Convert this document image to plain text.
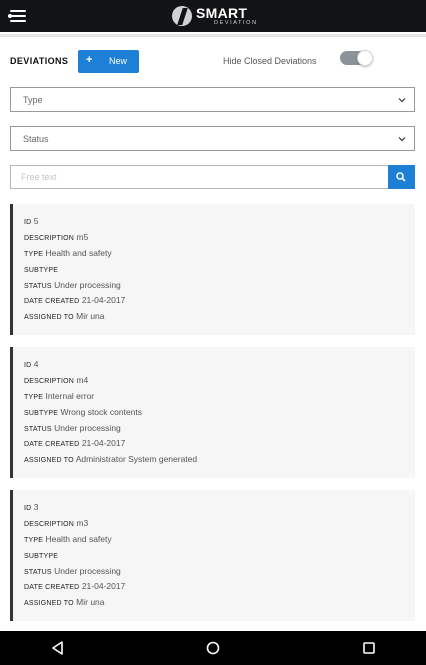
SMART
DEVIATION
DEVIATIONS + New	Hide Closed Deviations
Type
Status
Free text
ID 5
DESCRIPTION m5
TYPE Health and safety
SUBTYPE
STATUS Under processing
DATE CREATED 21-04-2017
ASSIGNED TO Mir una
ID 4
DESCRIPTION m4
TYPE Internal error
SUBTYPE Wrong stock contents
STATUS Under processing
DATE CREATED 21-04-2017
ASSIGNED TO Administrator System generated
ID 3
DESCRIPTION m3
TYPE Health and safety
SUBTYPE
STATUS Under processing
DATE CREATED 21-04-2017
ASSIGNED TO Mir una
